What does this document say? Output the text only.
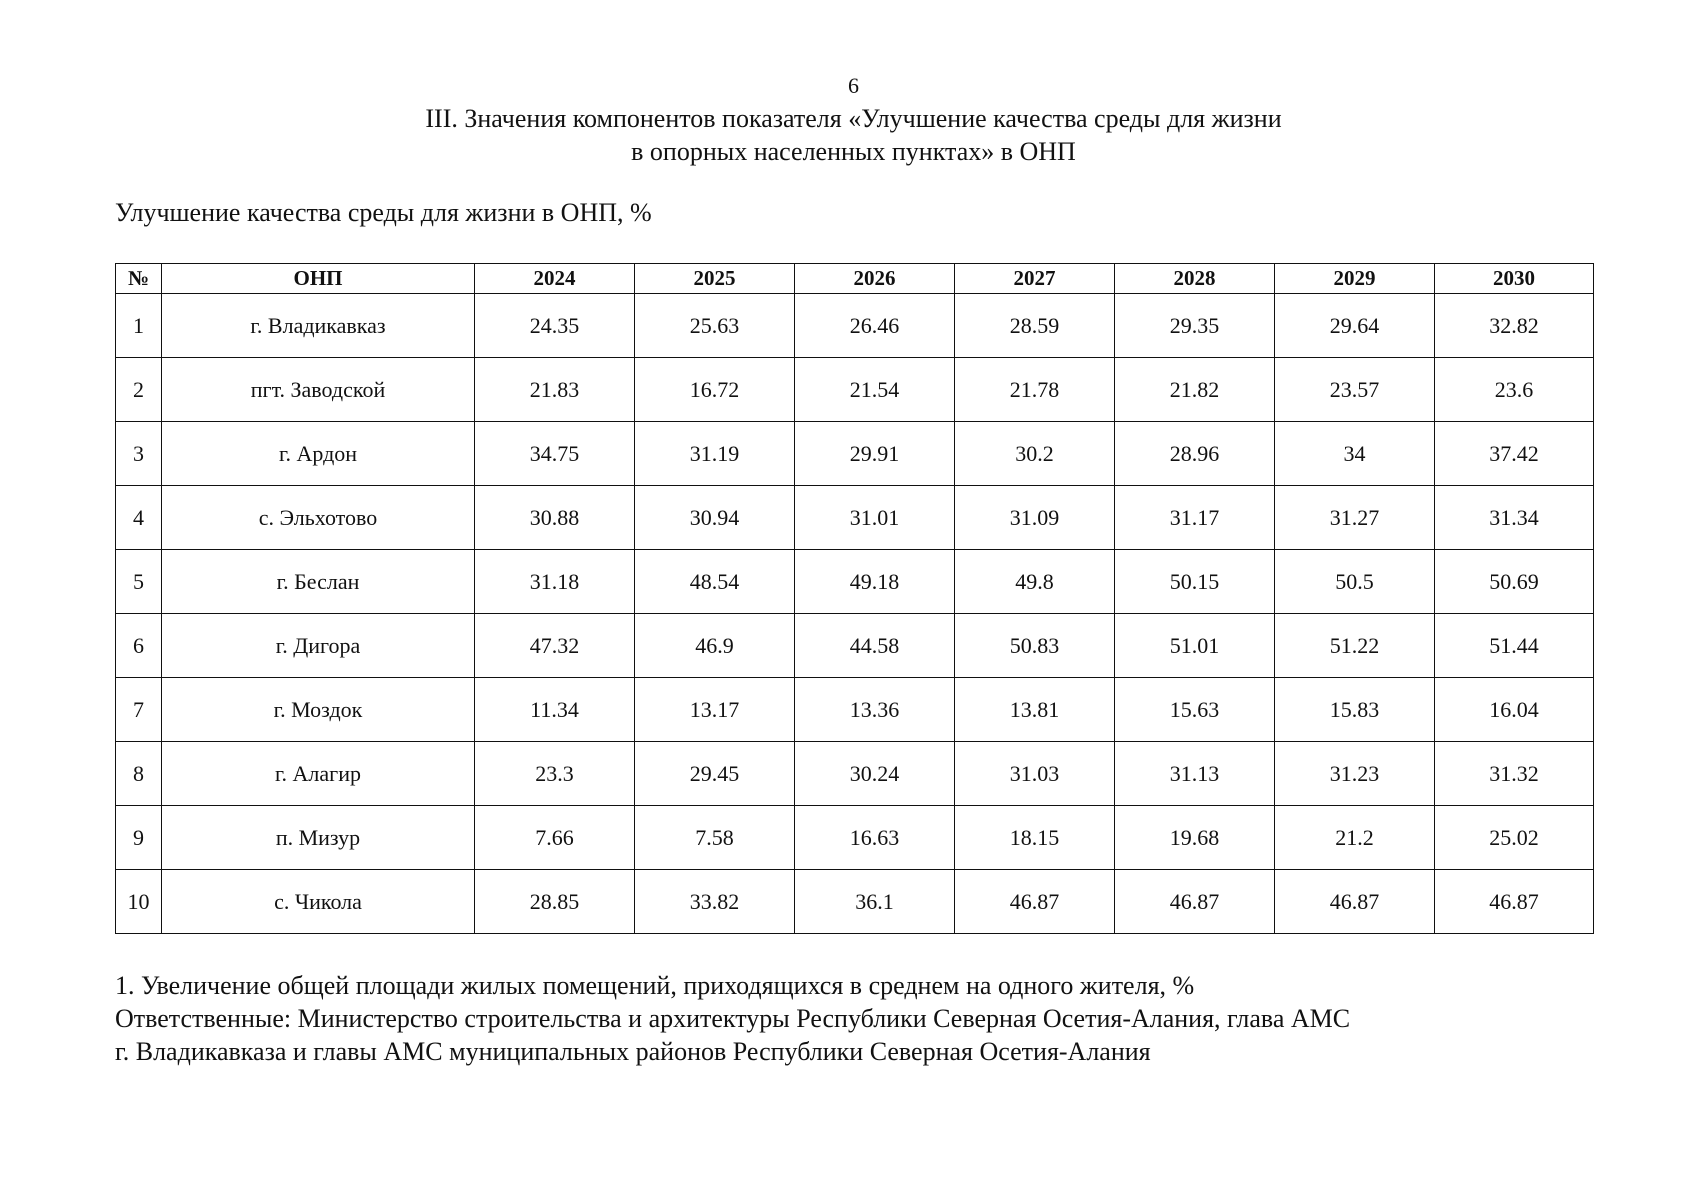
6
III. Значения компонентов показателя «Улучшение качества среды для жизни
в опорных населенных пунктах» в ОНП
Улучшение качества среды для жизни в ОНП, %
№	ОНП	2024	2025	2026	2027	2028	2029	2030
1	г. Владикавказ	24.35	25.63	26.46	28.59	29.35	29.64	32.82
2	пгт. Заводской	21.83	16.72	21.54	21.78	21.82	23.57	23.6
3	г. Ардон	34.75	31.19	29.91	30.2	28.96	34	37.42
4	с. Эльхотово	30.88	30.94	31.01	31.09	31.17	31.27	31.34
5	г. Беслан	31.18	48.54	49.18	49.8	50.15	50.5	50.69
6	г. Дигора	47.32	46.9	44.58	50.83	51.01	51.22	51.44
7	г. Моздок	11.34	13.17	13.36	13.81	15.63	15.83	16.04
8	г. Алагир	23.3	29.45	30.24	31.03	31.13	31.23	31.32
9	п. Мизур	7.66	7.58	16.63	18.15	19.68	21.2	25.02
10	с. Чикола	28.85	33.82	36.1	46.87	46.87	46.87	46.87
1. Увеличение общей площади жилых помещений, приходящихся в среднем на одного жителя, %
Ответственные: Министерство строительства и архитектуры Республики Северная Осетия-Алания, глава АМС
г. Владикавказа и главы АМС муниципальных районов Республики Северная Осетия-Алания
